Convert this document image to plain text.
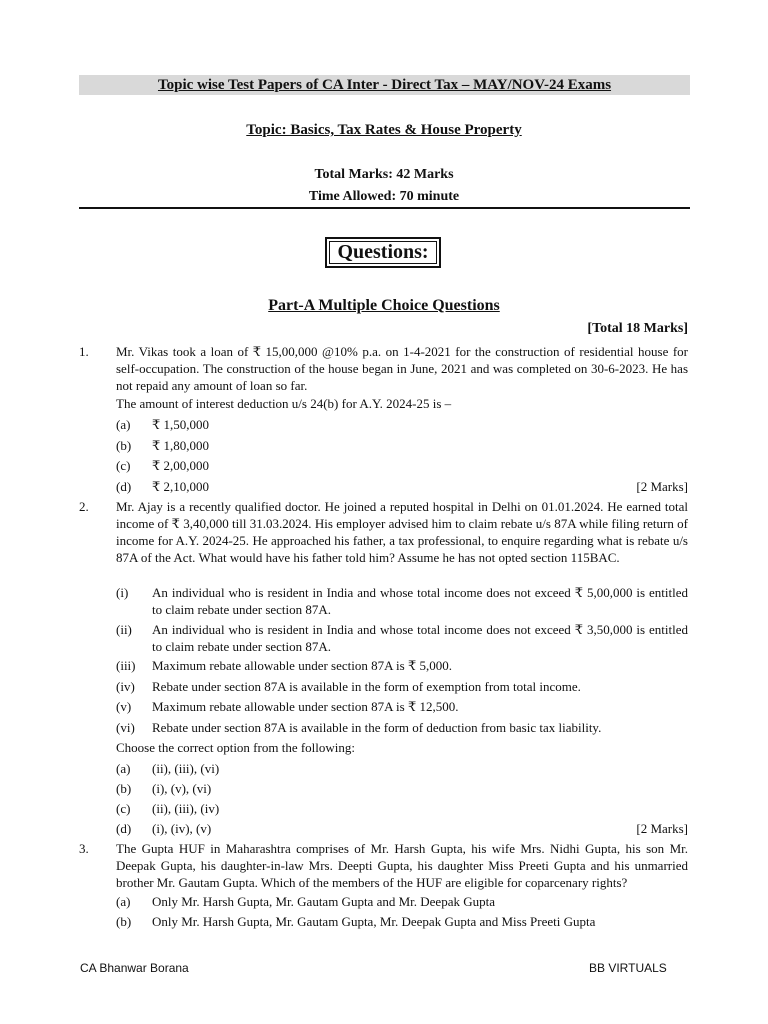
Topic wise Test Papers of CA Inter - Direct Tax – MAY/NOV-24 Exams
Topic: Basics, Tax Rates & House Property
Total Marks: 42 Marks
Time Allowed: 70 minute
Questions:
Part-A Multiple Choice Questions
[Total 18 Marks]
1.	Mr. Vikas took a loan of ₹ 15,00,000 @10% p.a. on 1-4-2021 for the construction of residential house for self-occupation. The construction of the house began in June, 2021 and was completed on 30-6-2023. He has not repaid any amount of loan so far.
The amount of interest deduction u/s 24(b) for A.Y. 2024-25 is –
(a)	₹ 1,50,000
(b)	₹ 1,80,000
(c)	₹ 2,00,000
(d)	₹ 2,10,000	[2 Marks]
2.	Mr. Ajay is a recently qualified doctor. He joined a reputed hospital in Delhi on 01.01.2024. He earned total income of ₹ 3,40,000 till 31.03.2024. His employer advised him to claim rebate u/s 87A while filing return of income for A.Y. 2024-25. He approached his father, a tax professional, to enquire regarding what is rebate u/s 87A of the Act. What would have his father told him? Assume he has not opted section 115BAC.
(i)	An individual who is resident in India and whose total income does not exceed ₹ 5,00,000 is entitled to claim rebate under section 87A.
(ii)	An individual who is resident in India and whose total income does not exceed ₹ 3,50,000 is entitled to claim rebate under section 87A.
(iii)	Maximum rebate allowable under section 87A is ₹ 5,000.
(iv)	Rebate under section 87A is available in the form of exemption from total income.
(v)	Maximum rebate allowable under section 87A is ₹ 12,500.
(vi)	Rebate under section 87A is available in the form of deduction from basic tax liability.
Choose the correct option from the following:
(a)	(ii), (iii), (vi)
(b)	(i), (v), (vi)
(c)	(ii), (iii), (iv)
(d)	(i), (iv), (v)	[2 Marks]
3.	The Gupta HUF in Maharashtra comprises of Mr. Harsh Gupta, his wife Mrs. Nidhi Gupta, his son Mr. Deepak Gupta, his daughter-in-law Mrs. Deepti Gupta, his daughter Miss Preeti Gupta and his unmarried brother Mr. Gautam Gupta. Which of the members of the HUF are eligible for coparcenary rights?
(a)	Only Mr. Harsh Gupta, Mr. Gautam Gupta and Mr. Deepak Gupta
(b)	Only Mr. Harsh Gupta, Mr. Gautam Gupta, Mr. Deepak Gupta and Miss Preeti Gupta
CA Bhanwar Borana	BB VIRTUALS
